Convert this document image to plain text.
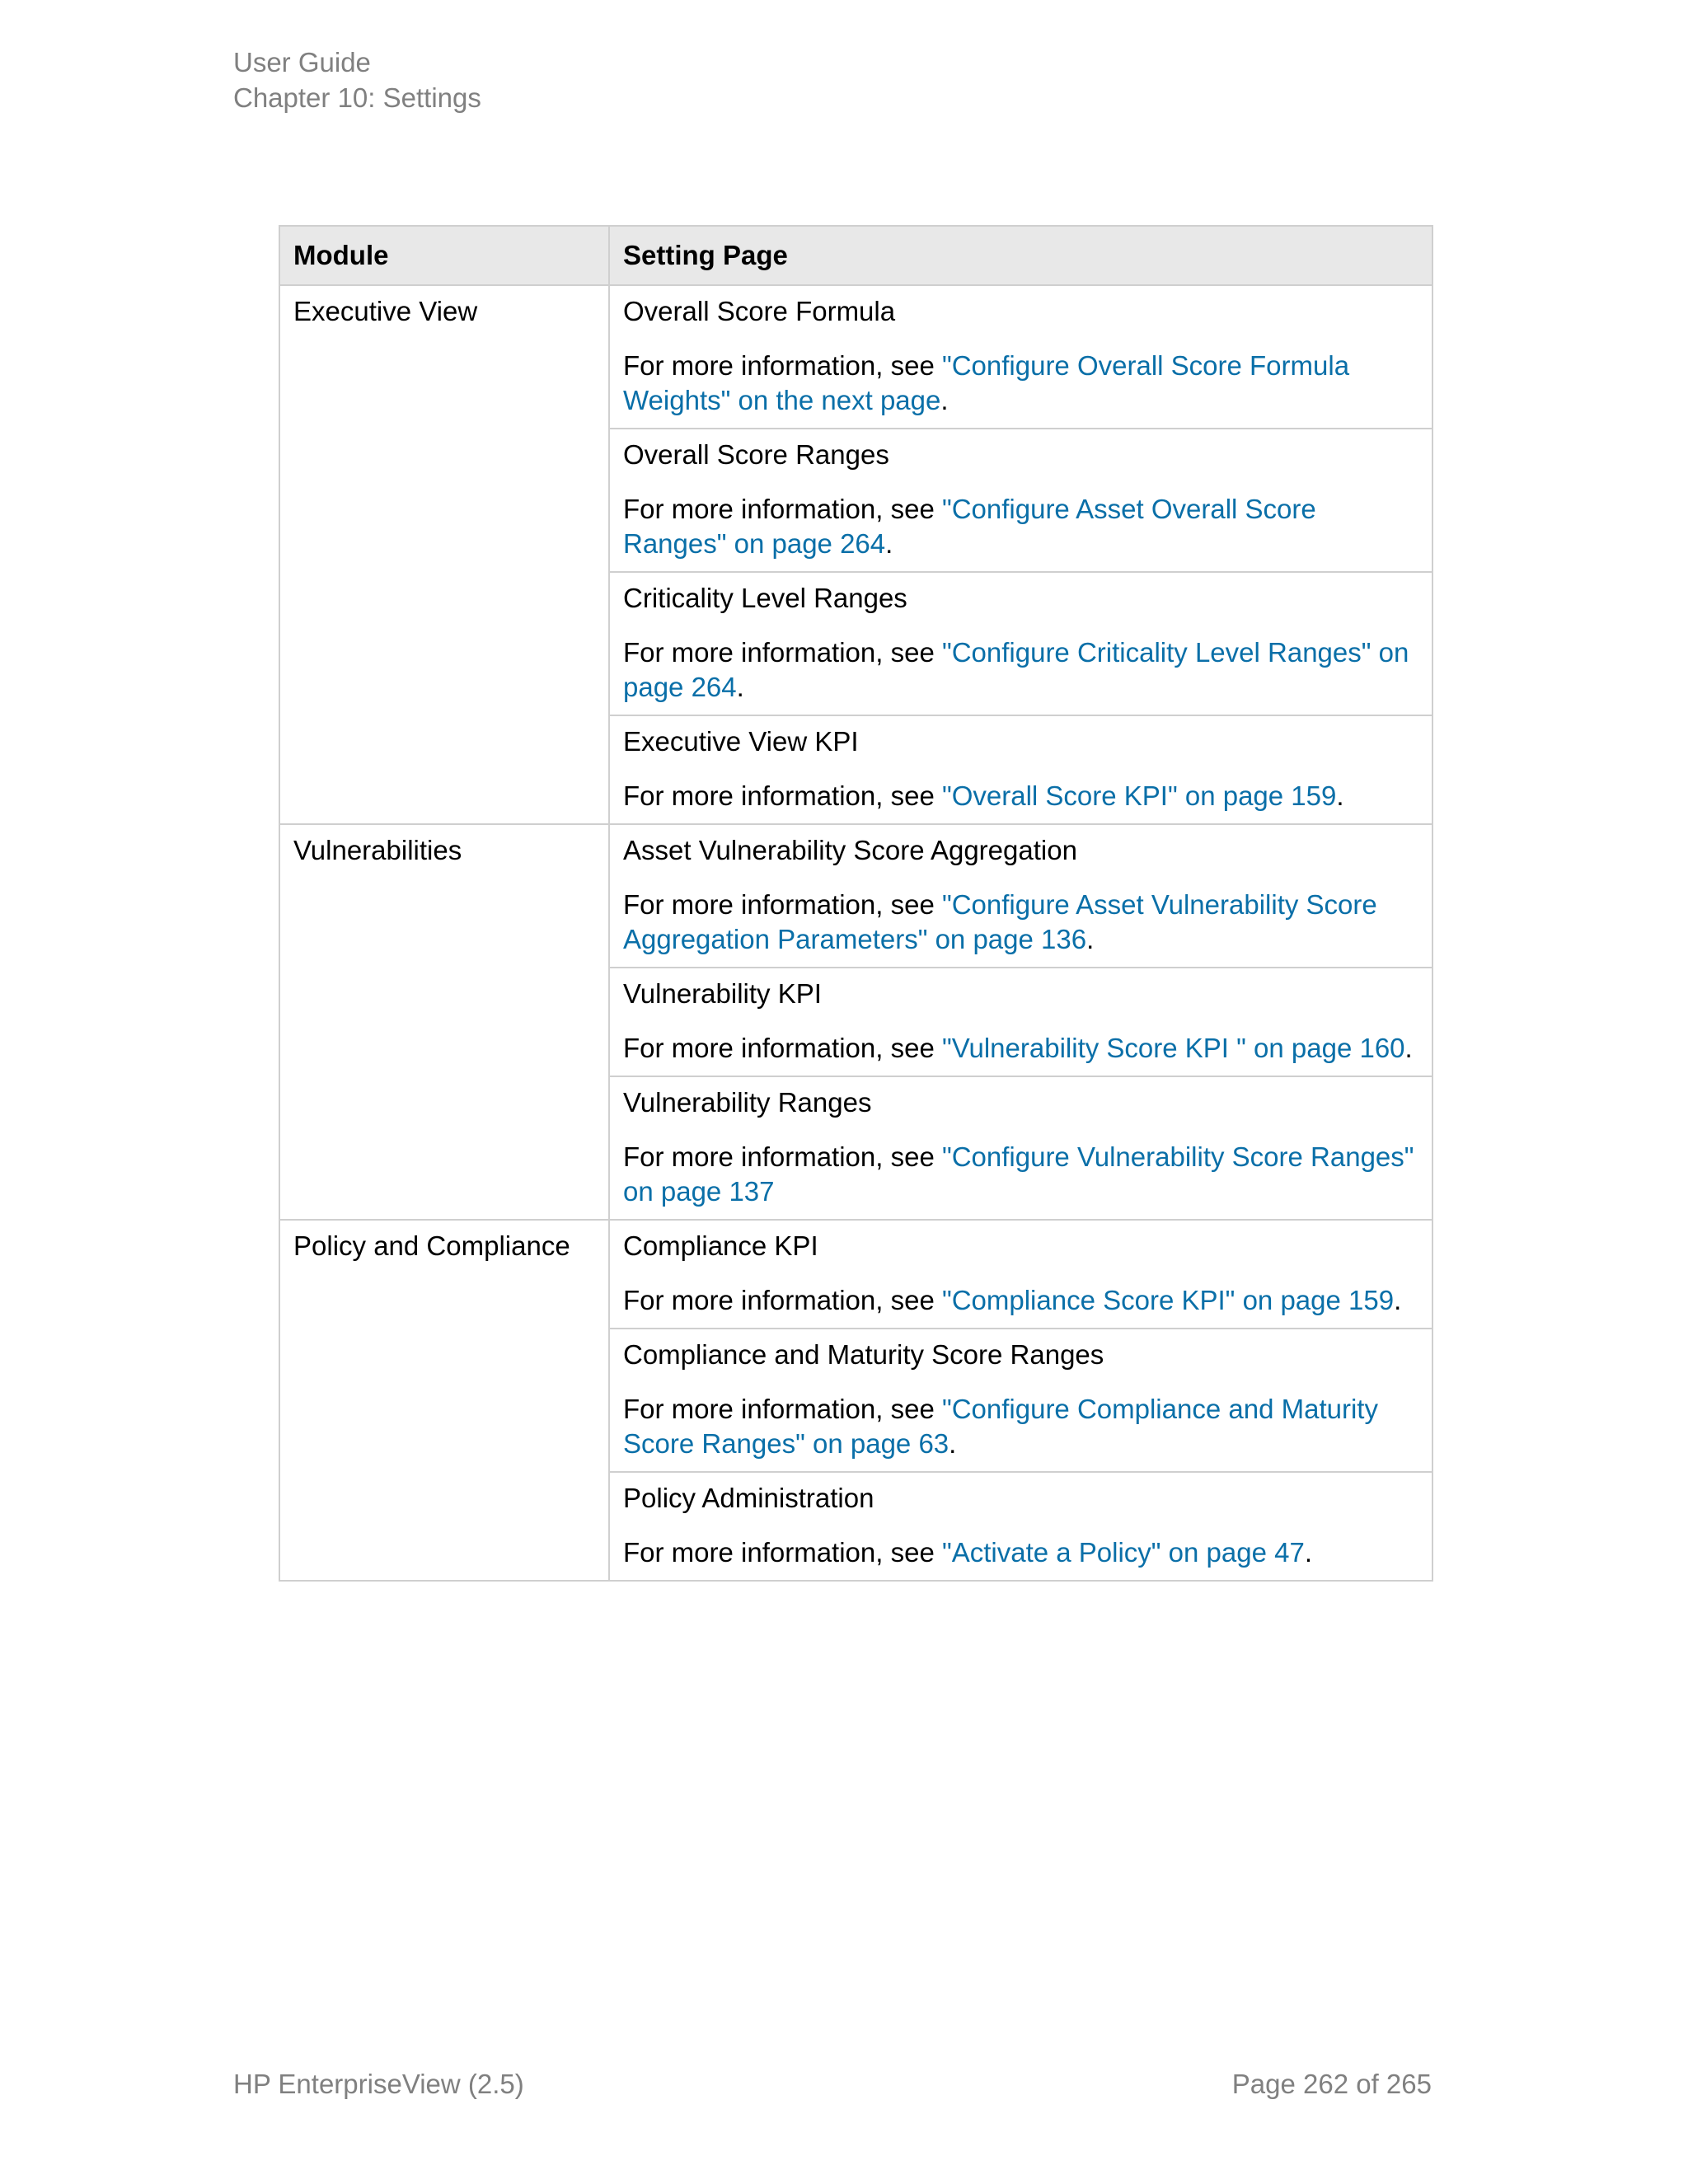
User Guide
Chapter 10: Settings
Module	Setting Page
Executive View	Overall Score Formula

For more information, see "Configure Overall Score Formula Weights" on the next page.

	Overall Score Ranges

For more information, see "Configure Asset Overall Score Ranges" on page 264.

	Criticality Level Ranges

For more information, see "Configure Criticality Level Ranges" on page 264.

	Executive View KPI

For more information, see "Overall Score KPI" on page 159.

Vulnerabilities	Asset Vulnerability Score Aggregation

For more information, see "Configure Asset Vulnerability Score Aggregation Parameters" on page 136.

	Vulnerability KPI

For more information, see "Vulnerability Score KPI " on page 160.

	Vulnerability Ranges

For more information, see "Configure Vulnerability Score Ranges" on page 137

Policy and Compliance	Compliance KPI

For more information, see "Compliance Score KPI" on page 159.

	Compliance and Maturity Score Ranges

For more information, see "Configure Compliance and Maturity Score Ranges" on page 63.

	Policy Administration

For more information, see "Activate a Policy" on page 47.

HP EnterpriseView (2.5)	Page 262 of 265
